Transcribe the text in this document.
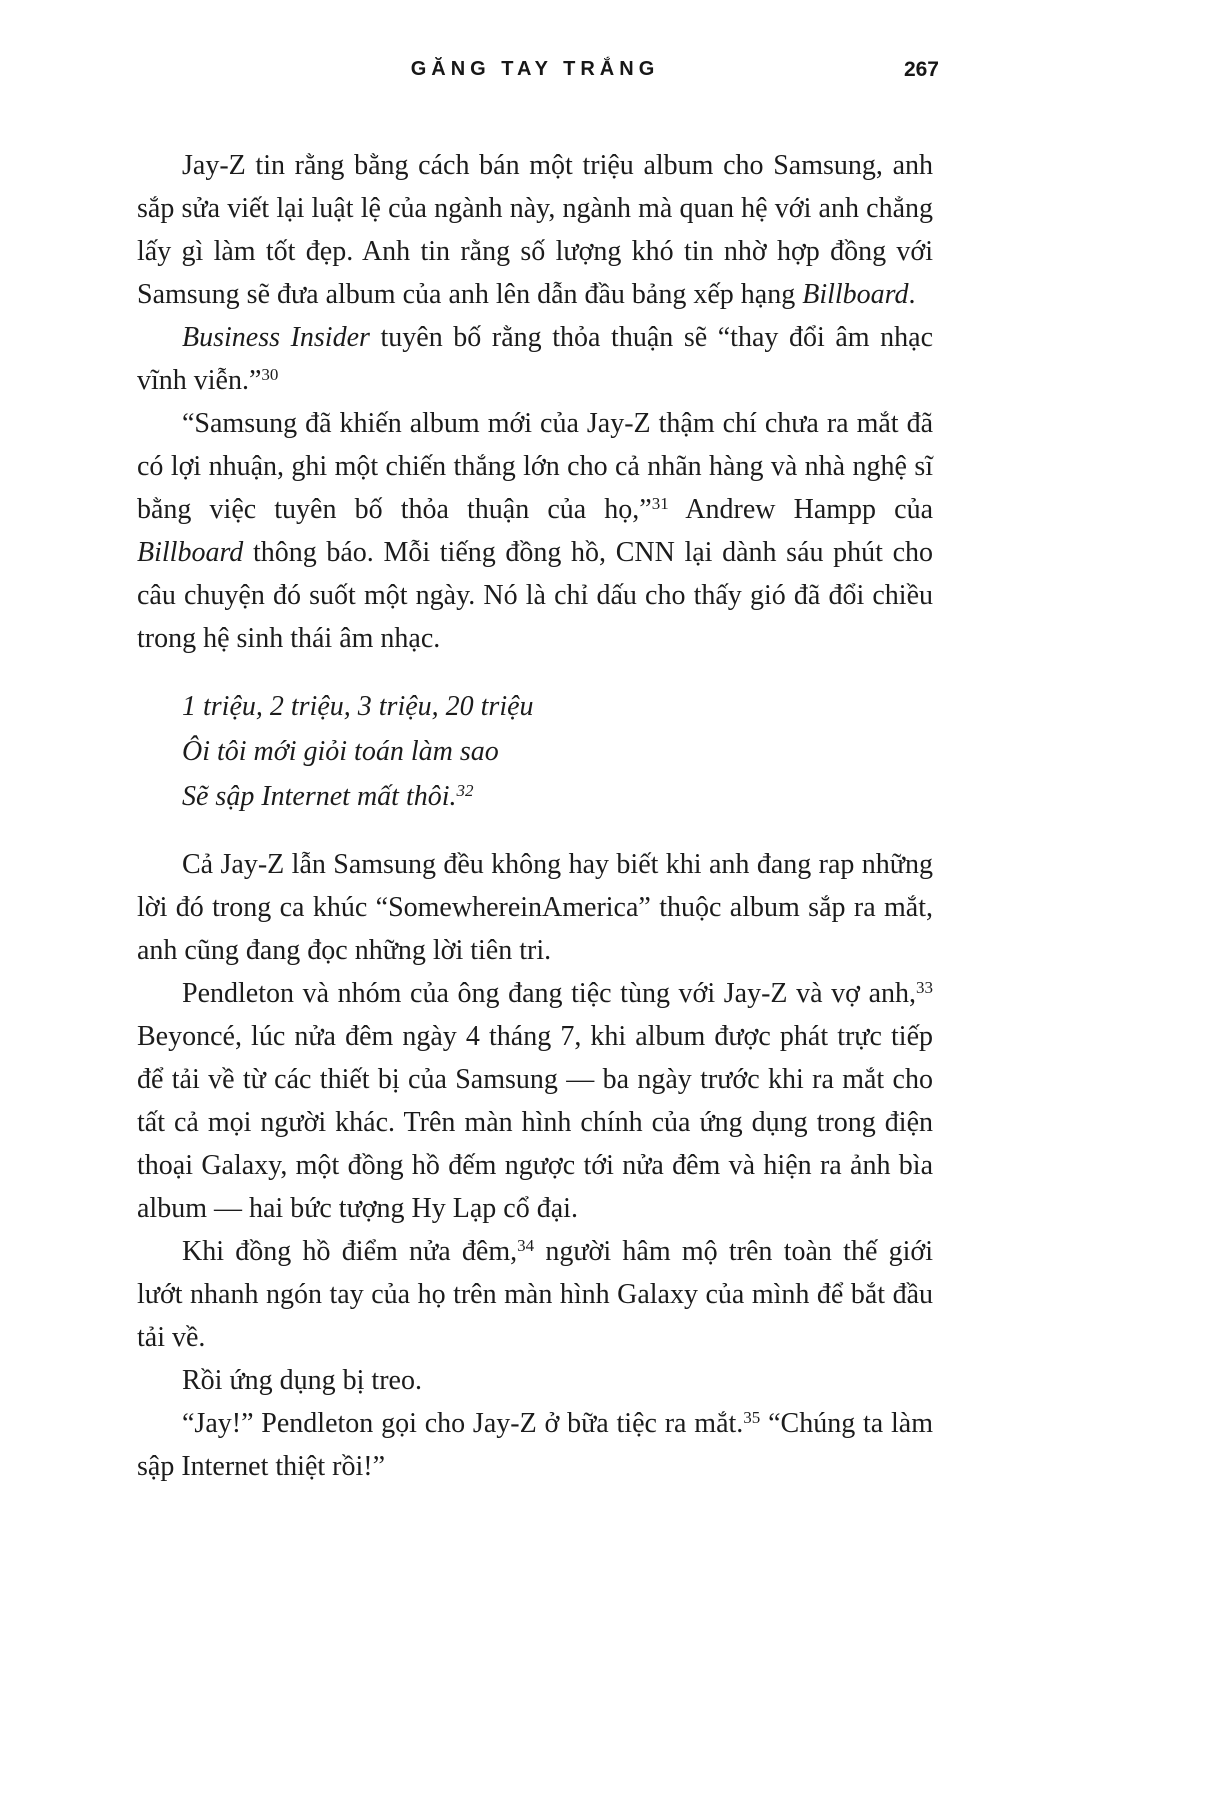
GĂNG TAY TRẮNG	267

Jay-Z tin rằng bằng cách bán một triệu album cho Samsung, anh sắp sửa viết lại luật lệ của ngành này, ngành mà quan hệ với anh chẳng lấy gì làm tốt đẹp. Anh tin rằng số lượng khó tin nhờ hợp đồng với Samsung sẽ đưa album của anh lên dẫn đầu bảng xếp hạng Billboard.

Business Insider tuyên bố rằng thỏa thuận sẽ “thay đổi âm nhạc vĩnh viễn.”$^{30}$

“Samsung đã khiến album mới của Jay-Z thậm chí chưa ra mắt đã có lợi nhuận, ghi một chiến thắng lớn cho cả nhãn hàng và nhà nghệ sĩ bằng việc tuyên bố thỏa thuận của họ,”$^{31}$ Andrew Hampp của Billboard thông báo. Mỗi tiếng đồng hồ, CNN lại dành sáu phút cho câu chuyện đó suốt một ngày. Nó là chỉ dấu cho thấy gió đã đổi chiều trong hệ sinh thái âm nhạc.

1 triệu, 2 triệu, 3 triệu, 20 triệu
Ôi tôi mới giỏi toán làm sao
Sẽ sập Internet mất thôi.$^{32}$

Cả Jay-Z lẫn Samsung đều không hay biết khi anh đang rap những lời đó trong ca khúc “SomewhereinAmerica” thuộc album sắp ra mắt, anh cũng đang đọc những lời tiên tri.

Pendleton và nhóm của ông đang tiệc tùng với Jay-Z và vợ anh,$^{33}$ Beyoncé, lúc nửa đêm ngày 4 tháng 7, khi album được phát trực tiếp để tải về từ các thiết bị của Samsung — ba ngày trước khi ra mắt cho tất cả mọi người khác. Trên màn hình chính của ứng dụng trong điện thoại Galaxy, một đồng hồ đếm ngược tới nửa đêm và hiện ra ảnh bìa album — hai bức tượng Hy Lạp cổ đại.

Khi đồng hồ điểm nửa đêm,$^{34}$ người hâm mộ trên toàn thế giới lướt nhanh ngón tay của họ trên màn hình Galaxy của mình để bắt đầu tải về.

Rồi ứng dụng bị treo.

“Jay!” Pendleton gọi cho Jay-Z ở bữa tiệc ra mắt.$^{35}$ “Chúng ta làm sập Internet thiệt rồi!”
